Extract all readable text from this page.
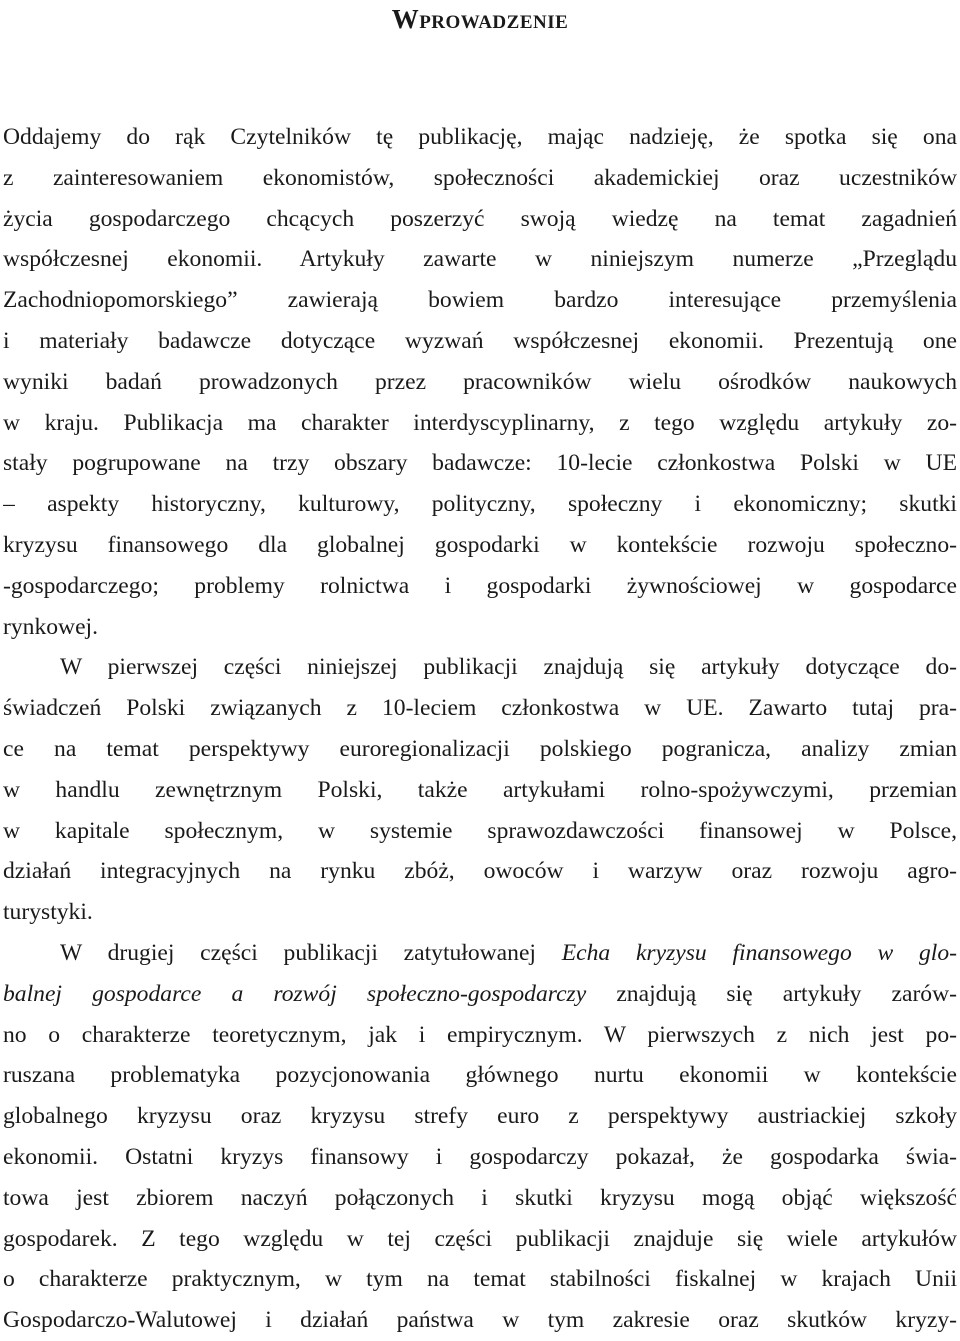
Wprowadzenie
Oddajemy do rąk Czytelników tę publikację, mając nadzieję, że spotka się ona
z zainteresowaniem ekonomistów, społeczności akademickiej oraz uczestników
życia gospodarczego chcących poszerzyć swoją wiedzę na temat zagadnień
współczesnej ekonomii. Artykuły zawarte w niniejszym numerze „Przeglądu
Zachodniopomorskiego” zawierają bowiem bardzo interesujące przemyślenia
i materiały badawcze dotyczące wyzwań współczesnej ekonomii. Prezentują one
wyniki badań prowadzonych przez pracowników wielu ośrodków naukowych
w kraju. Publikacja ma charakter interdyscyplinarny, z tego względu artykuły zo-
stały pogrupowane na trzy obszary badawcze: 10-lecie członkostwa Polski w UE
– aspekty historyczny, kulturowy, polityczny, społeczny i ekonomiczny; skutki
kryzysu finansowego dla globalnej gospodarki w kontekście rozwoju społeczno-
-gospodarczego; problemy rolnictwa i gospodarki żywnościowej w gospodarce
rynkowej.
W pierwszej części niniejszej publikacji znajdują się artykuły dotyczące do-
świadczeń Polski związanych z 10-leciem członkostwa w UE. Zawarto tutaj pra-
ce na temat perspektywy euroregionalizacji polskiego pogranicza, analizy zmian
w handlu zewnętrznym Polski, także artykułami rolno-spożywczymi, przemian
w kapitale społecznym, w systemie sprawozdawczości finansowej w Polsce,
działań integracyjnych na rynku zbóż, owoców i warzyw oraz rozwoju agro-
turystyki.
W drugiej części publikacji zatytułowanej Echa kryzysu finansowego w glo-
balnej gospodarce a rozwój społeczno-gospodarczy znajdują się artykuły zarów-
no o charakterze teoretycznym, jak i empirycznym. W pierwszych z nich jest po-
ruszana problematyka pozycjonowania głównego nurtu ekonomii w kontekście
globalnego kryzysu oraz kryzysu strefy euro z perspektywy austriackiej szkoły
ekonomii. Ostatni kryzys finansowy i gospodarczy pokazał, że gospodarka świa-
towa jest zbiorem naczyń połączonych i skutki kryzysu mogą objąć większość
gospodarek. Z tego względu w tej części publikacji znajduje się wiele artykułów
o charakterze praktycznym, w tym na temat stabilności fiskalnej w krajach Unii
Gospodarczo-Walutowej i działań państwa w tym zakresie oraz skutków kryzy-
